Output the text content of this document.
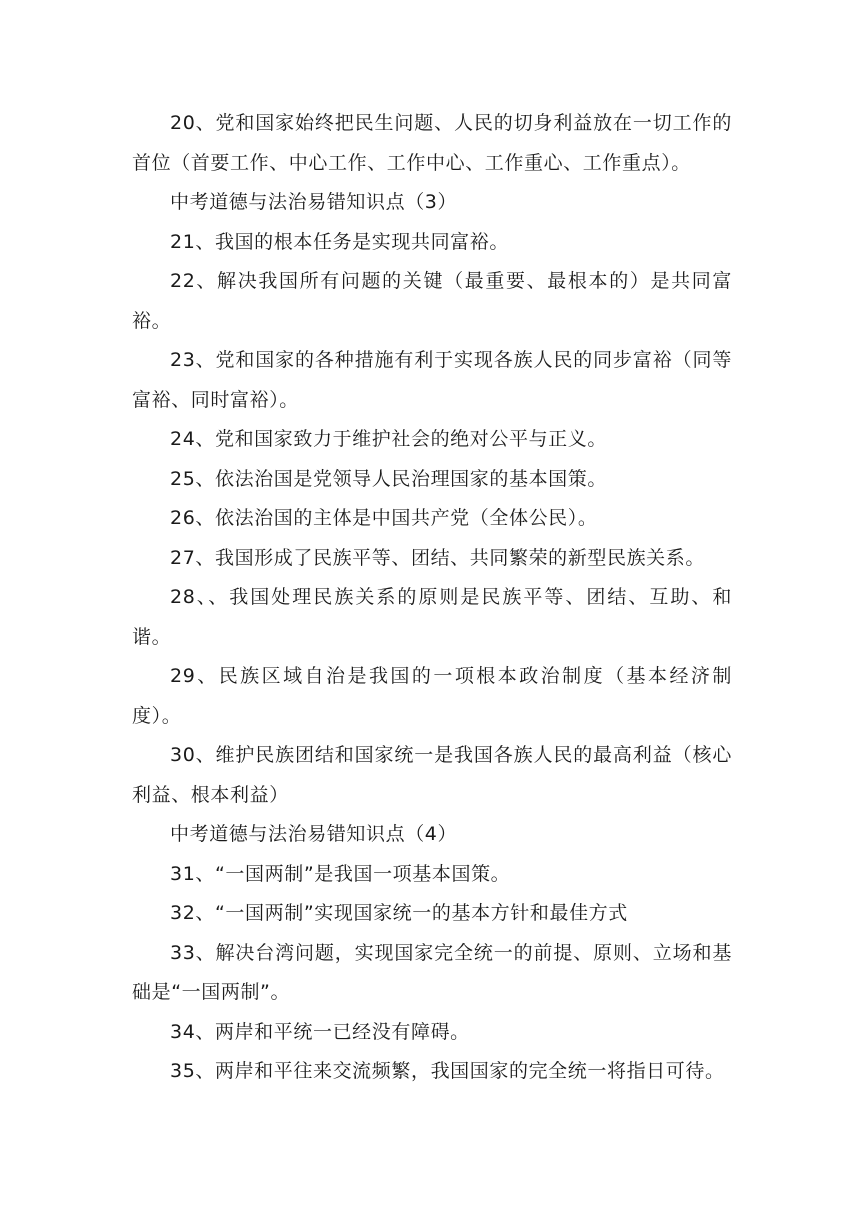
20、党和国家始终把民生问题、人民的切身利益放在一切工作的首位（首要工作、中心工作、工作中心、工作重心、工作重点）。

中考道德与法治易错知识点（3）

21、我国的根本任务是实现共同富裕。

22、解决我国所有问题的关键（最重要、最根本的）是共同富裕。

23、党和国家的各种措施有利于实现各族人民的同步富裕（同等富裕、同时富裕）。

24、党和国家致力于维护社会的绝对公平与正义。

25、依法治国是党领导人民治理国家的基本国策。

26、依法治国的主体是中国共产党（全体公民）。

27、我国形成了民族平等、团结、共同繁荣的新型民族关系。

28、、我国处理民族关系的原则是民族平等、团结、互助、和谐。

29、民族区域自治是我国的一项根本政治制度（基本经济制度）。

30、维护民族团结和国家统一是我国各族人民的最高利益（核心利益、根本利益）

中考道德与法治易错知识点（4）

31、“一国两制”是我国一项基本国策。

32、“一国两制”实现国家统一的基本方针和最佳方式

33、解决台湾问题，实现国家完全统一的前提、原则、立场和基础是“一国两制”。

34、两岸和平统一已经没有障碍。

35、两岸和平往来交流频繁，我国国家的完全统一将指日可待。
